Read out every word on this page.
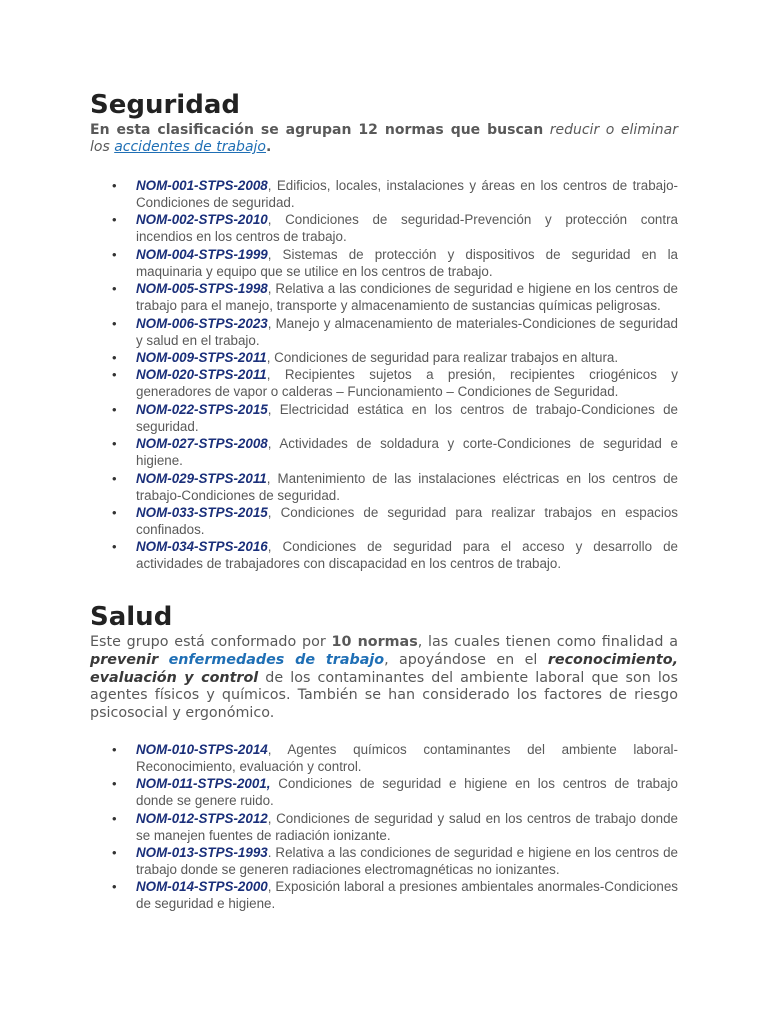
Seguridad

En esta clasificación se agrupan 12 normas que buscan reducir o eliminar los accidentes de trabajo.

• NOM-001-STPS-2008, Edificios, locales, instalaciones y áreas en los centros de trabajo-Condiciones de seguridad.
• NOM-002-STPS-2010, Condiciones de seguridad-Prevención y protección contra incendios en los centros de trabajo.
• NOM-004-STPS-1999, Sistemas de protección y dispositivos de seguridad en la maquinaria y equipo que se utilice en los centros de trabajo.
• NOM-005-STPS-1998, Relativa a las condiciones de seguridad e higiene en los centros de trabajo para el manejo, transporte y almacenamiento de sustancias químicas peligrosas.
• NOM-006-STPS-2023, Manejo y almacenamiento de materiales-Condiciones de seguridad y salud en el trabajo.
• NOM-009-STPS-2011, Condiciones de seguridad para realizar trabajos en altura.
• NOM-020-STPS-2011, Recipientes sujetos a presión, recipientes criogénicos y generadores de vapor o calderas – Funcionamiento – Condiciones de Seguridad.
• NOM-022-STPS-2015, Electricidad estática en los centros de trabajo-Condiciones de seguridad.
• NOM-027-STPS-2008, Actividades de soldadura y corte-Condiciones de seguridad e higiene.
• NOM-029-STPS-2011, Mantenimiento de las instalaciones eléctricas en los centros de trabajo-Condiciones de seguridad.
• NOM-033-STPS-2015, Condiciones de seguridad para realizar trabajos en espacios confinados.
• NOM-034-STPS-2016, Condiciones de seguridad para el acceso y desarrollo de actividades de trabajadores con discapacidad en los centros de trabajo.
Salud

Este grupo está conformado por 10 normas, las cuales tienen como finalidad a prevenir enfermedades de trabajo, apoyándose en el reconocimiento, evaluación y control de los contaminantes del ambiente laboral que son los agentes físicos y químicos. También se han considerado los factores de riesgo psicosocial y ergonómico.

• NOM-010-STPS-2014, Agentes químicos contaminantes del ambiente laboral-Reconocimiento, evaluación y control.
• NOM-011-STPS-2001, Condiciones de seguridad e higiene en los centros de trabajo donde se genere ruido.
• NOM-012-STPS-2012, Condiciones de seguridad y salud en los centros de trabajo donde se manejen fuentes de radiación ionizante.
• NOM-013-STPS-1993. Relativa a las condiciones de seguridad e higiene en los centros de trabajo donde se generen radiaciones electromagnéticas no ionizantes.
• NOM-014-STPS-2000, Exposición laboral a presiones ambientales anormales-Condiciones de seguridad e higiene.
